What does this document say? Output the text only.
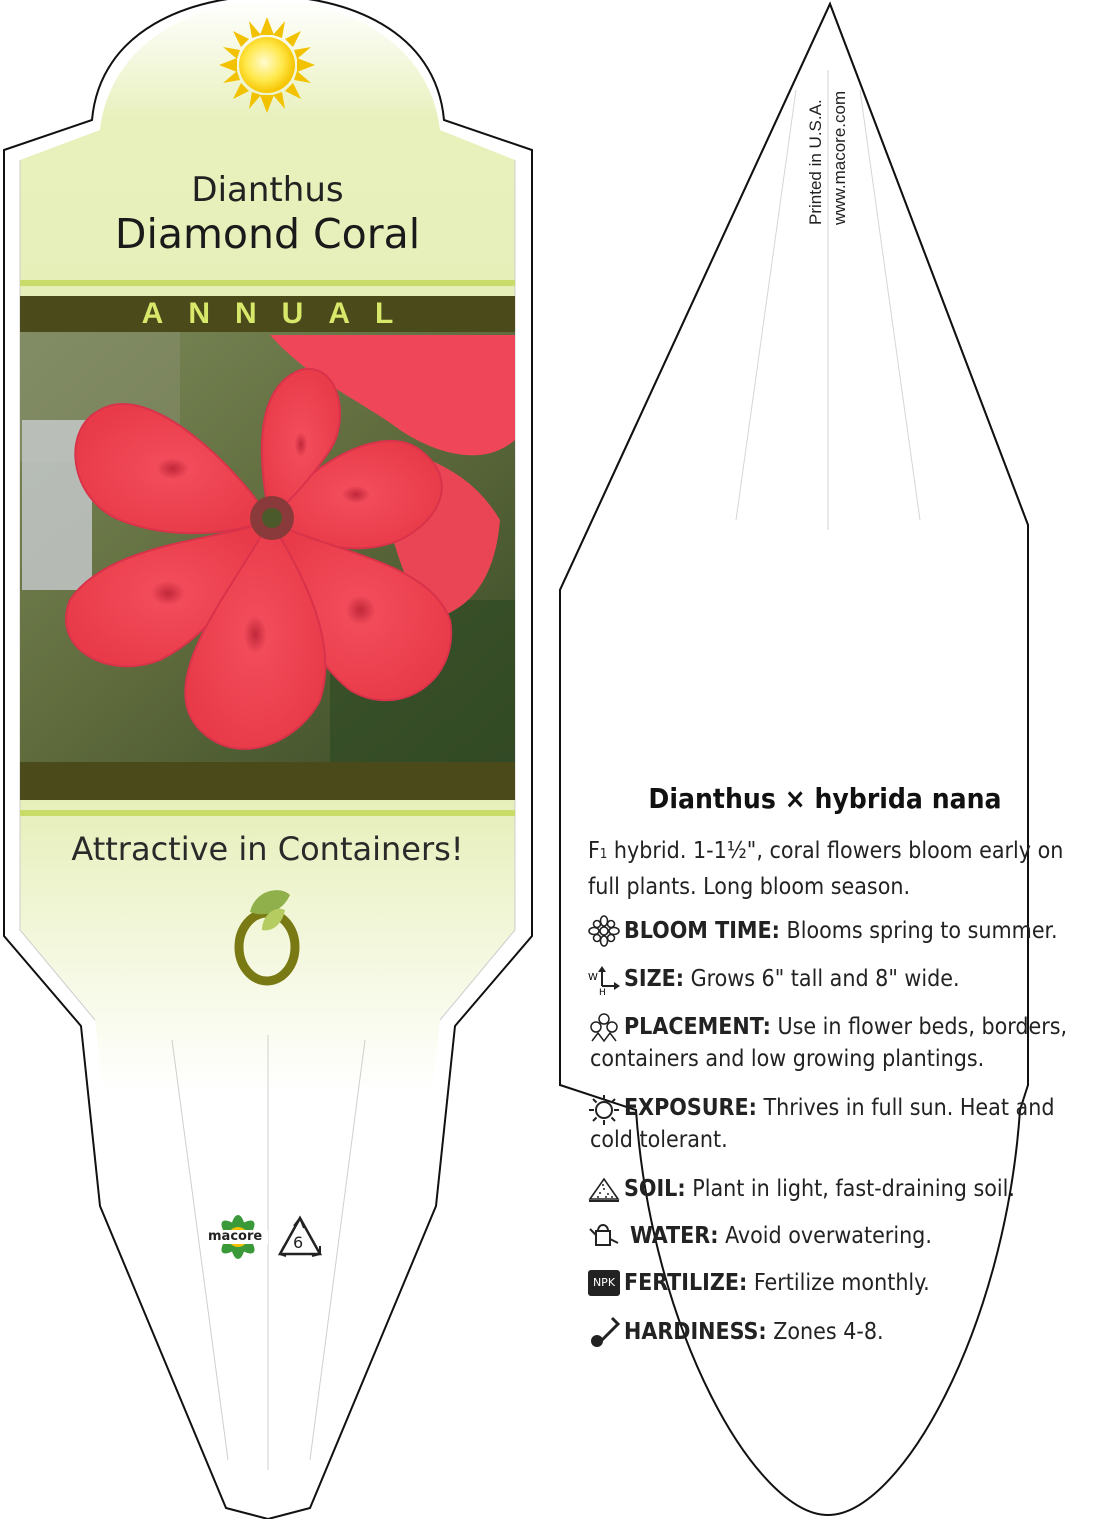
Dianthus
Diamond Coral
ANNUAL
Attractive in Containers!
macore 6
Printed in U.S.A. www.macore.com
Dianthus × hybrida nana
F1 hybrid. 1-1½", coral flowers bloom early on full plants. Long bloom season.
BLOOM TIME: Blooms spring to summer.
SIZE: Grows 6" tall and 8" wide.
PLACEMENT: Use in flower beds, borders, containers and low growing plantings.
EXPOSURE: Thrives in full sun. Heat and cold tolerant.
SOIL: Plant in light, fast-draining soil.
WATER: Avoid overwatering.
FERTILIZE: Fertilize monthly.
HARDINESS: Zones 4-8.
W
H
NPK
